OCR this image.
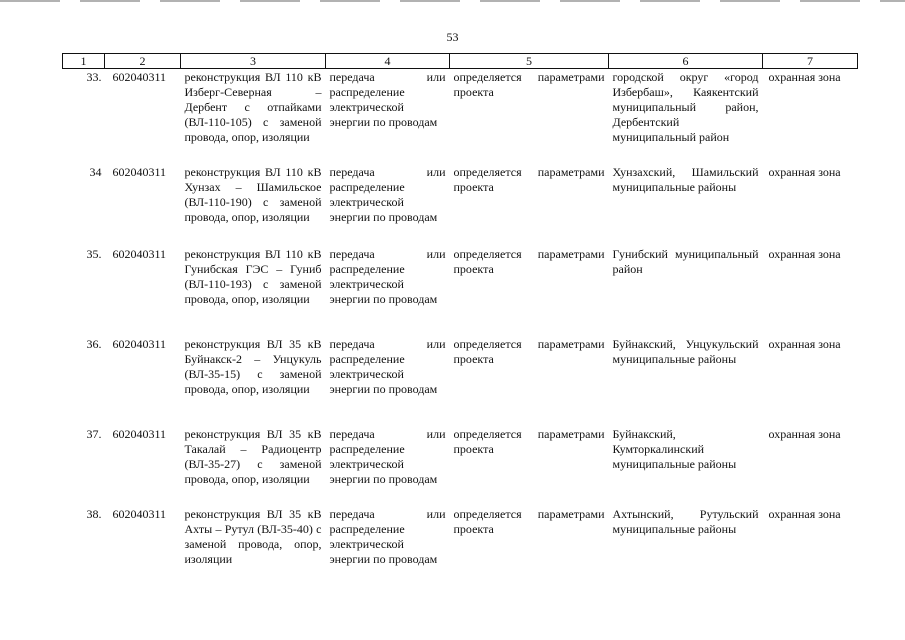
53
1	2	3	4	5	6	7
33.	602040311	реконструкция ВЛ 110 кВ Изберг-Северная – Дербент с отпайками (ВЛ-110-105) с заменой провода, опор, изоляции	передача или распределение электрической энергии по проводам	определяется параметрами проекта	городской округ «город Избербаш», Каякентский муниципальный район, Дербентский муниципальный район	охранная зона
34	602040311	реконструкция ВЛ 110 кВ Хунзах – Шамильское (ВЛ-110-190) с заменой провода, опор, изоляции	передача или распределение электрической энергии по проводам	определяется параметрами проекта	Хунзахский, Шамильский муниципальные районы	охранная зона
35.	602040311	реконструкция ВЛ 110 кВ Гунибская ГЭС – Гуниб (ВЛ-110-193) с заменой провода, опор, изоляции	передача или распределение электрической энергии по проводам	определяется параметрами проекта	Гунибский муниципальный район	охранная зона
36.	602040311	реконструкция ВЛ 35 кВ Буйнакск-2 – Унцукуль (ВЛ-35-15) с заменой провода, опор, изоляции	передача или распределение электрической энергии по проводам	определяется параметрами проекта	Буйнакский, Унцукульский муниципальные районы	охранная зона
37.	602040311	реконструкция ВЛ 35 кВ Такалай – Радиоцентр (ВЛ-35-27) с заменой провода, опор, изоляции	передача или распределение электрической энергии по проводам	определяется параметрами проекта	Буйнакский, Кумторкалинский муниципальные районы	охранная зона
38.	602040311	реконструкция ВЛ 35 кВ Ахты – Рутул (ВЛ-35-40) с заменой провода, опор, изоляции	передача или распределение электрической энергии по проводам	определяется параметрами проекта	Ахтынский, Рутульский муниципальные районы	охранная зона
